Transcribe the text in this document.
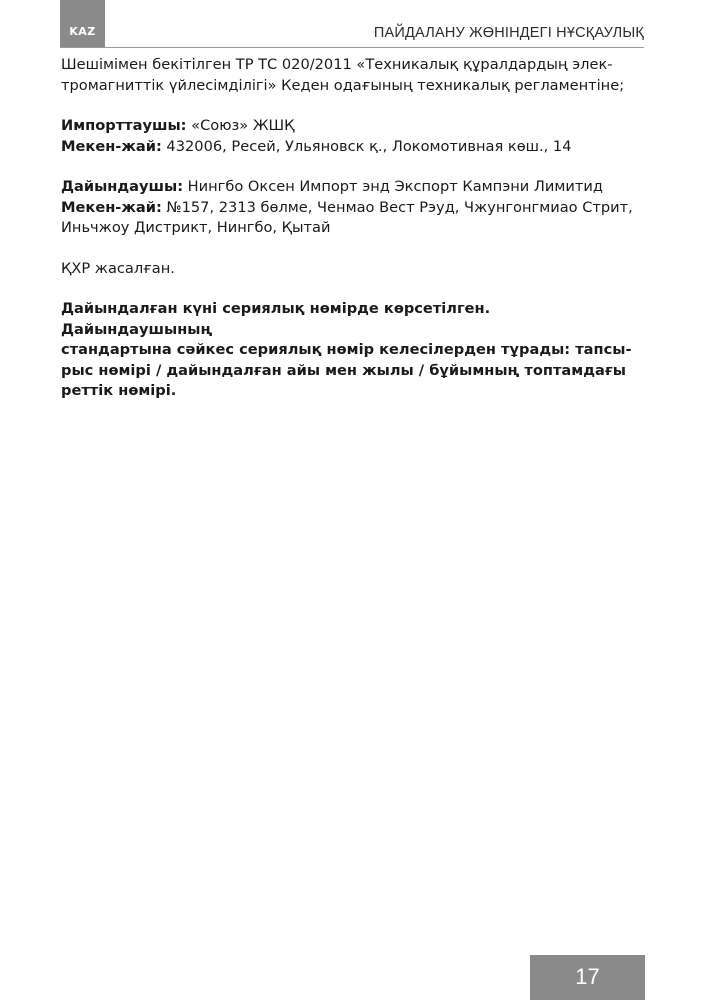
KAZ	ПАЙДАЛАНУ ЖӨНІНДЕГІ НҰСҚАУЛЫҚ
Шешімімен бекітілген ТР ТС 020/2011 «Техникалық құралдардың элек-
тромагниттік үйлесімділігі» Кеден одағының техникалық регламентіне;
Импорттаушы: «Союз» ЖШҚ
Мекен-жай: 432006, Ресей, Ульяновск қ., Локомотивная көш., 14
Дайындаушы: Нингбо Оксен Импорт энд Экспорт Кампэни Лимитид
Мекен-жай: №157, 2313 бөлме, Ченмао Вест Рэуд, Чжунгонгмиао Стрит,
Иньчжоу Дистрикт, Нингбо, Қытай
ҚХР жасалған.
Дайындалған күні сериялық нөмірде көрсетілген. Дайындаушының
стандартына сәйкес сериялық нөмір келесілерден тұрады: тапсы-
рыс нөмірі / дайындалған айы мен жылы / бұйымның топтамдағы
реттік нөмірі.
17
